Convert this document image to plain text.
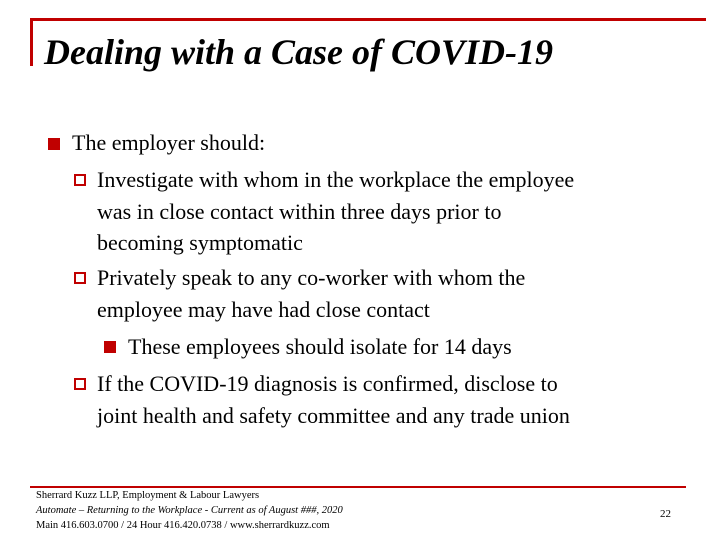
Dealing with a Case of COVID-19
The employer should:
Investigate with whom in the workplace the employee
was in close contact within three days prior to
becoming symptomatic
Privately speak to any co-worker with whom the
employee may have had close contact
These employees should isolate for 14 days
If the COVID-19 diagnosis is confirmed, disclose to
joint health and safety committee and any trade union
Sherrard Kuzz LLP, Employment & Labour Lawyers
Automate – Returning to the Workplace - Current as of August ###, 2020
Main 416.603.0700 / 24 Hour 416.420.0738 / www.sherrardkuzz.com
22
